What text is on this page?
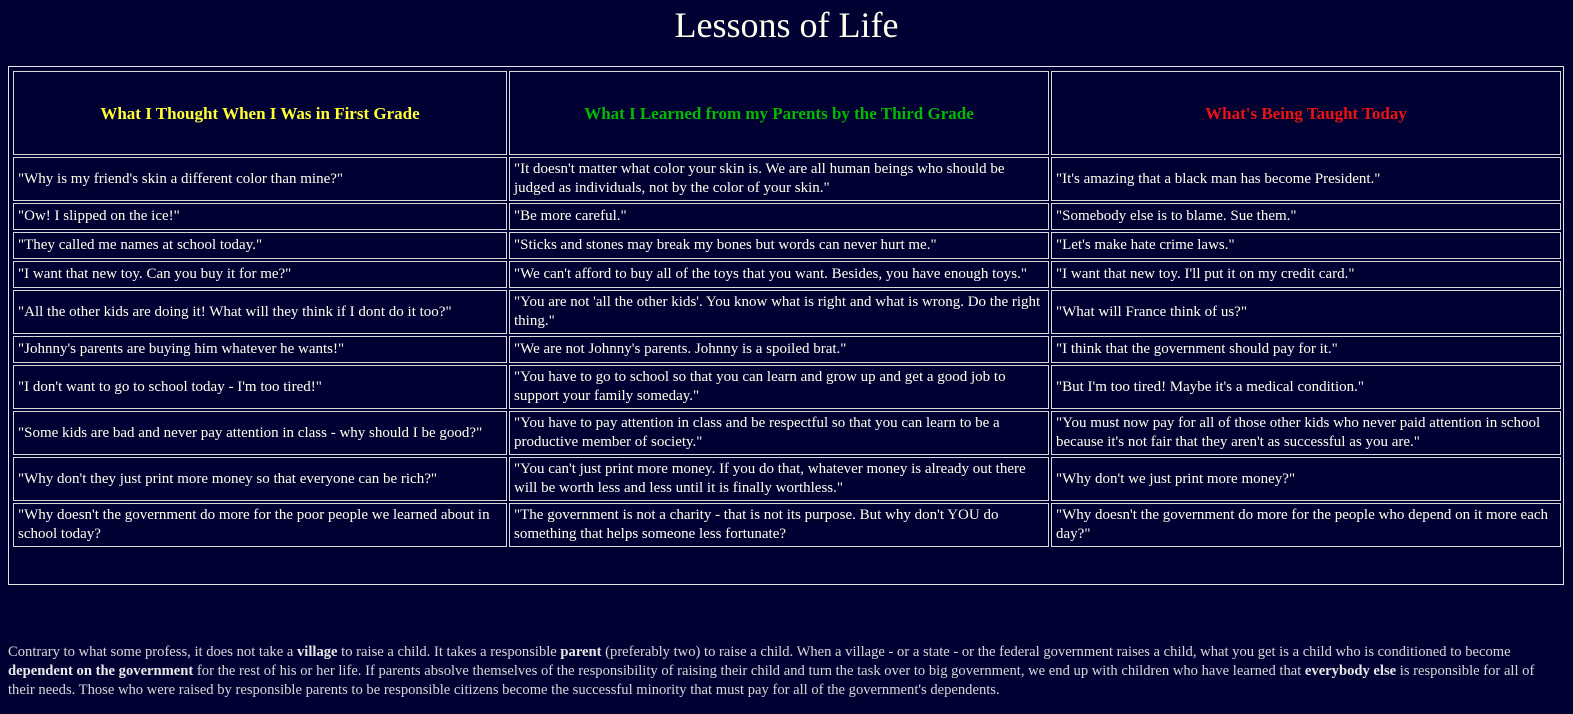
Lessons of Life
What I Thought When I Was in First Grade	What I Learned from my Parents by the Third Grade	What's Being Taught Today
"Why is my friend's skin a different color than mine?"	"It doesn't matter what color your skin is. We are all human beings who should be judged as individuals, not by the color of your skin."	"It's amazing that a black man has become President."
"Ow! I slipped on the ice!"	"Be more careful."	"Somebody else is to blame. Sue them."
"They called me names at school today."	"Sticks and stones may break my bones but words can never hurt me."	"Let's make hate crime laws."
"I want that new toy. Can you buy it for me?"	"We can't afford to buy all of the toys that you want. Besides, you have enough toys."	"I want that new toy. I'll put it on my credit card."
"All the other kids are doing it! What will they think if I dont do it too?"	"You are not 'all the other kids'. You know what is right and what is wrong. Do the right thing."	"What will France think of us?"
"Johnny's parents are buying him whatever he wants!"	"We are not Johnny's parents. Johnny is a spoiled brat."	"I think that the government should pay for it."
"I don't want to go to school today - I'm too tired!"	"You have to go to school so that you can learn and grow up and get a good job to support your family someday."	"But I'm too tired! Maybe it's a medical condition."
"Some kids are bad and never pay attention in class - why should I be good?"	"You have to pay attention in class and be respectful so that you can learn to be a productive member of society."	"You must now pay for all of those other kids who never paid attention in school because it's not fair that they aren't as successful as you are."
"Why don't they just print more money so that everyone can be rich?"	"You can't just print more money. If you do that, whatever money is already out there will be worth less and less until it is finally worthless."	"Why don't we just print more money?"
"Why doesn't the government do more for the poor people we learned about in school today?	"The government is not a charity - that is not its purpose. But why don't YOU do something that helps someone less fortunate?	"Why doesn't the government do more for the people who depend on it more each day?"

Contrary to what some profess, it does not take a village to raise a child. It takes a responsible parent (preferably two) to raise a child. When a village - or a state - or the federal government raises a child, what you get is a child who is conditioned to become dependent on the government for the rest of his or her life. If parents absolve themselves of the responsibility of raising their child and turn the task over to big government, we end up with children who have learned that everybody else is responsible for all of their needs. Those who were raised by responsible parents to be responsible citizens become the successful minority that must pay for all of the government's dependents.
